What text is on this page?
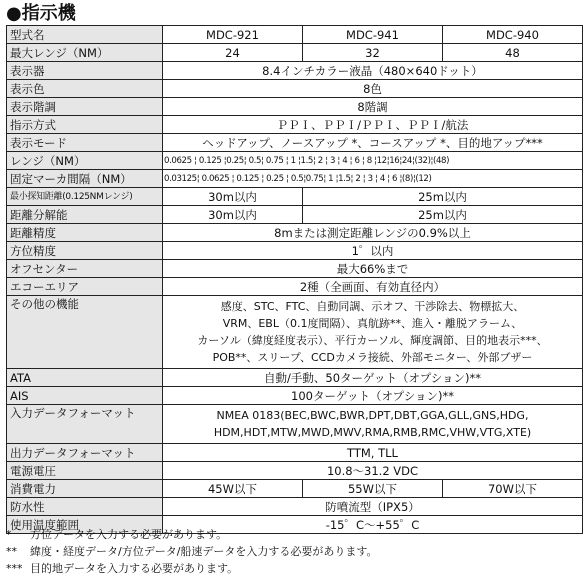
●指示機
型式名	MDC-921	MDC-941	MDC-940
最大レンジ（NM）	24	32	48
表示器	8.4インチカラー液晶（480×640ドット）		
表示色	8色		
表示階調	8階調		
指示方式	ＰＰＩ、ＰＰＩ/ＰＰＩ、ＰＰＩ/航法		
表示モード	ヘッドアップ、ノースアップ *、コースアップ *、目的地アップ***		
レンジ（NM）	0.0625 ¦ 0.125 ¦0.25¦ 0.5¦ 0.75 ¦ 1 ¦1.5¦ 2 ¦ 3 ¦ 4 ¦ 6 ¦ 8 ¦12¦16¦24¦(32)¦(48)		
固定マーカ間隔（NM）	0.03125¦ 0.0625 ¦ 0.125 ¦ 0.25 ¦ 0.5¦0.75¦ 1 ¦1.5¦ 2 ¦ 3 ¦ 4 ¦ 6 ¦(8)¦(12)		
最小探知距離(0.125NMレンジ)	30m以内	25m以内	
距離分解能	30m以内	25m以内	
距離精度	8mまたは測定距離レンジの0.9%以上		
方位精度	1゜以内		
オフセンター	最大66%まで		
エコーエリア	2種（全画面、有効直径内）		
その他の機能	感度、STC、FTC、自動同調、示オフ、干渉除去、物標拡大、
VRM、EBL（0.1度間隔）、真航跡**、進入・離脱アラーム、
カーソル（緯度経度表示）、平行カーソル、輝度調節、目的地表示***、
POB**、スリープ、CCDカメラ接続、外部モニター、外部ブザー		

ATA	自動/手動、50ターゲット（オプション)**		
AIS	100ターゲット（オプション)**		
入力データフォーマット	NMEA 0183(BEC,BWC,BWR,DPT,DBT,GGA,GLL,GNS,HDG,
HDM,HDT,MTW,MWD,MWV,RMA,RMB,RMC,VHW,VTG,XTE)		

出力データフォーマット	TTM, TLL		
電源電圧	10.8～31.2 VDC		
消費電力	45W以下	55W以下	70W以下
防水性	防噴流型（IPX5）		
使用温度範囲	-15゜C～+55゜C		
*	方位データを入力する必要があります。
**	緯度・経度データ/方位データ/船速データを入力する必要があります。
*** 目的地データを入力する必要があります。
